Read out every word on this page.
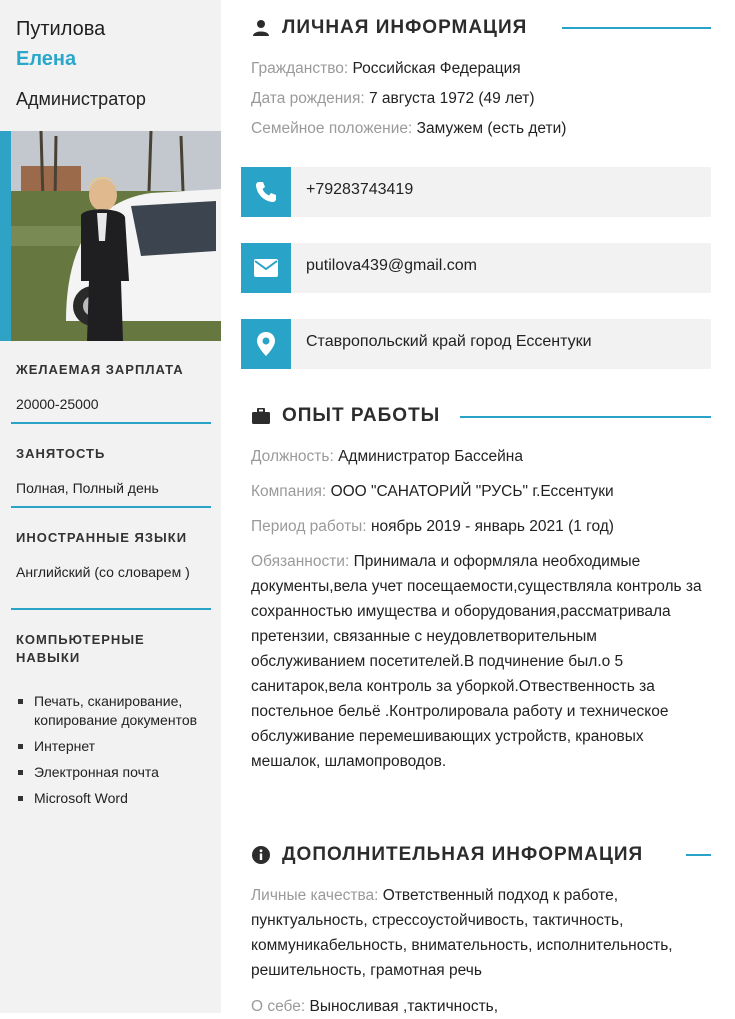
Путилова
Елена
Администратор
ЖЕЛАЕМАЯ ЗАРПЛАТА
20000-25000
ЗАНЯТОСТЬ
Полная, Полный день
ИНОСТРАННЫЕ ЯЗЫКИ
Английский (со словарем )
КОМПЬЮТЕРНЫЕ НАВЫКИ
Печать, сканирование, копирование документов
Интернет
Электронная почта
Microsoft Word
ЛИЧНАЯ ИНФОРМАЦИЯ
Гражданство: Российская Федерация
Дата рождения: 7 августа 1972 (49 лет)
Семейное положение: Замужем (есть дети)
+79283743419
putilova439@gmail.com
Ставропольский край город Ессентуки
ОПЫТ РАБОТЫ
Должность: Администратор Бассейна
Компания: ООО "САНАТОРИЙ "РУСЬ" г.Ессентуки
Период работы: ноябрь 2019 - январь 2021 (1 год)
Обязанности: Принимала и оформляла необходимые документы,вела учет посещаемости,существляла контроль за сохранностью имущества и оборудования,рассматривала претензии, связанные с неудовлетворительным обслуживанием посетителей.В подчинение был.о 5 санитарок,вела контроль за уборкой.Отвественность за постельное бельё .Контролировала работу и техническое обслуживание перемешивающих устройств, крановых мешалок, шламопроводов.
ДОПОЛНИТЕЛЬНАЯ ИНФОРМАЦИЯ
Личные качества: Ответственный подход к работе, пунктуальность, стрессоустойчивость, тактичность, коммуникабельность, внимательность, исполнительность, решительность, грамотная речь
О себе: Выносливая ,тактичность,
